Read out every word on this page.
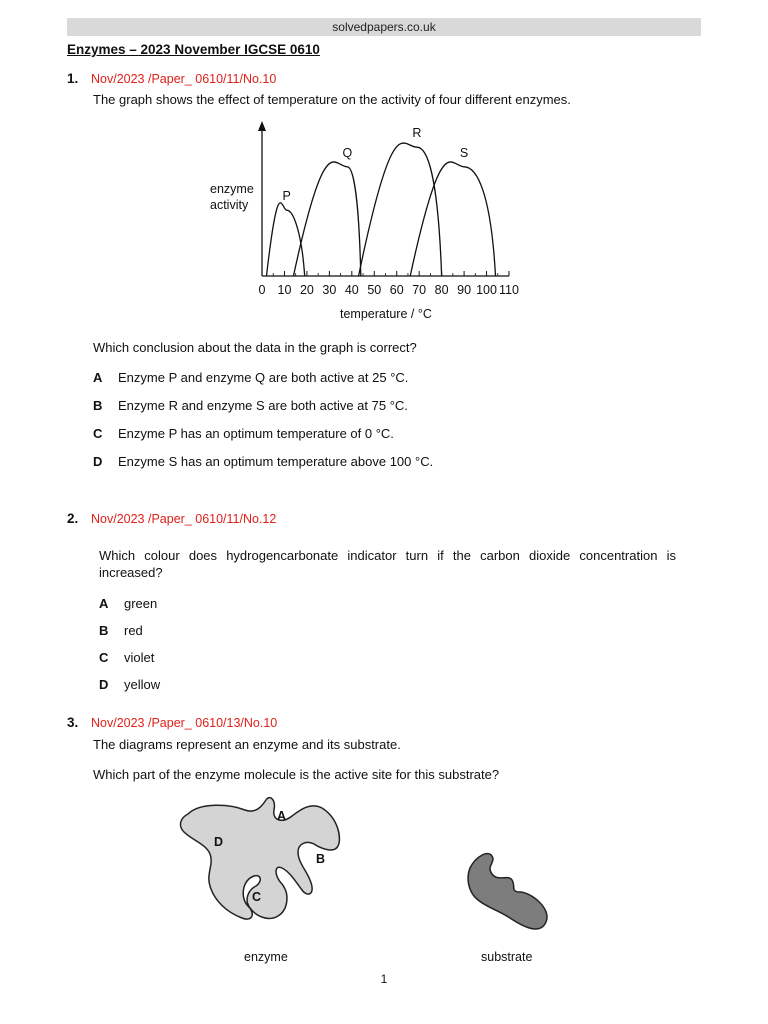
solvedpapers.co.uk
Enzymes – 2023 November IGCSE 0610
1. Nov/2023 /Paper_ 0610/11/No.10
The graph shows the effect of temperature on the activity of four different enzymes.
0 10 20 30 40 50 60 70 80 90 100 110
P
Q
R
S
enzyme
activity
temperature / °C
Which conclusion about the data in the graph is correct?
A Enzyme P and enzyme Q are both active at 25 °C.
B Enzyme R and enzyme S are both active at 75 °C.
C Enzyme P has an optimum temperature of 0 °C.
D Enzyme S has an optimum temperature above 100 °C.
2. Nov/2023 /Paper_ 0610/11/No.12
Which colour does hydrogencarbonate indicator turn if the carbon dioxide concentration is
increased?
A green
B red
C violet
D yellow
3. Nov/2023 /Paper_ 0610/13/No.10
The diagrams represent an enzyme and its substrate.
Which part of the enzyme molecule is the active site for this substrate?
A
D
B
C
enzyme	substrate
1
